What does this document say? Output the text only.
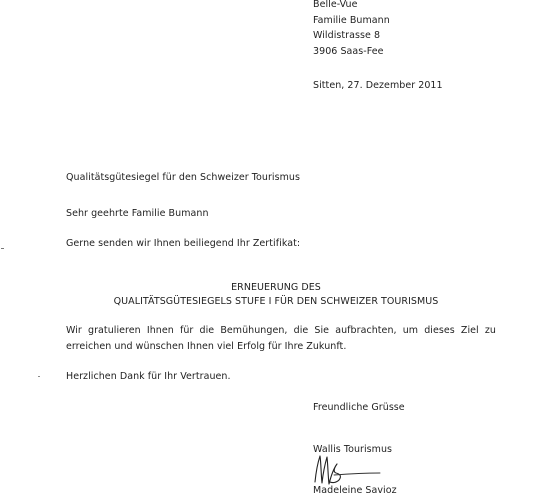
Belle-Vue
Familie Bumann
Wildistrasse 8
3906 Saas-Fee
Sitten, 27. Dezember 2011
Qualitätsgütesiegel für den Schweizer Tourismus
Sehr geehrte Familie Bumann
Gerne senden wir Ihnen beiliegend Ihr Zertifikat:
ERNEUERUNG DES
QUALITÄTSGÜTESIEGELS STUFE I FÜR DEN SCHWEIZER TOURISMUS
Wir gratulieren Ihnen für die Bemühungen, die Sie aufbrachten, um dieses Ziel zu erreichen und wünschen Ihnen viel Erfolg für Ihre Zukunft.
Herzlichen Dank für Ihr Vertrauen.
Freundliche Grüsse
Wallis Tourismus
Madeleine Savioz
